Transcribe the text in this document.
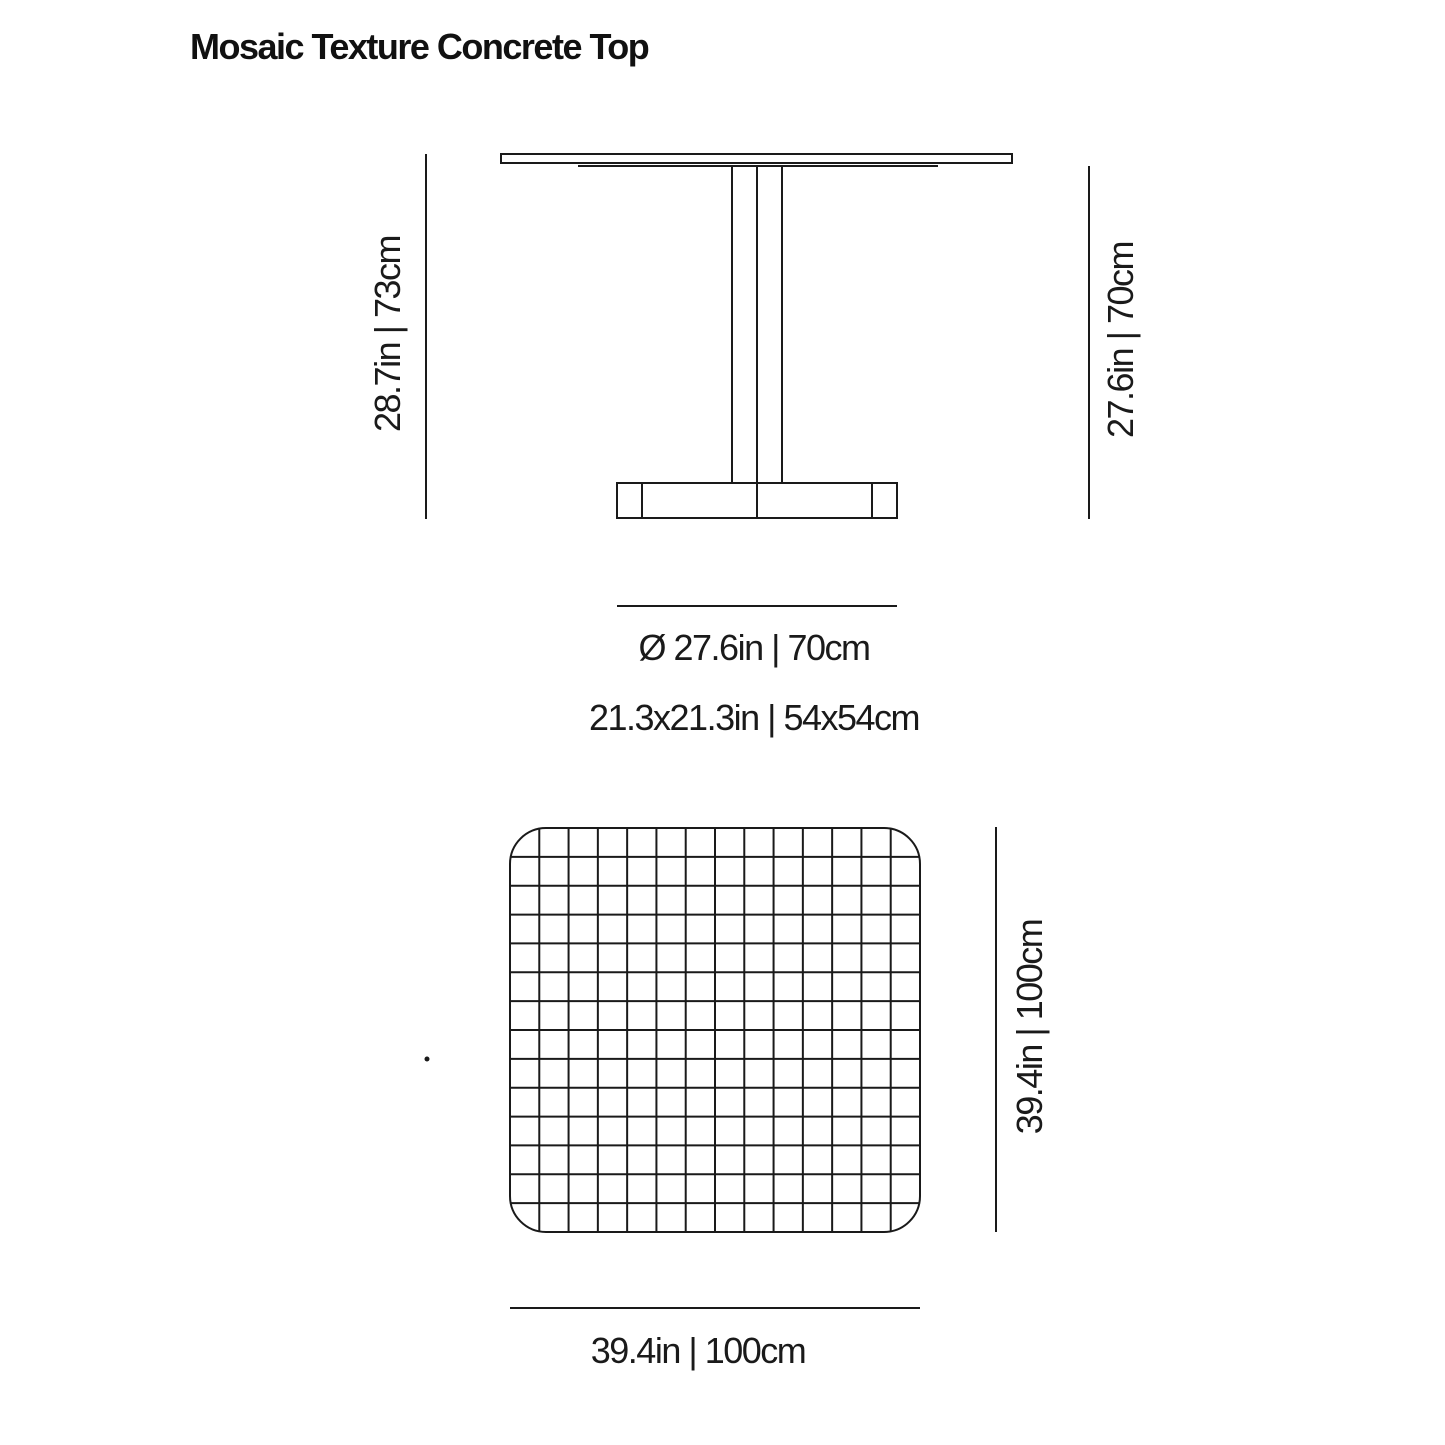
Mosaic Texture Concrete Top
28.7in | 73cm	27.6in | 70cm
Ø 27.6in | 70cm
21.3x21.3in | 54x54cm
39.4in | 100cm
39.4in | 100cm
